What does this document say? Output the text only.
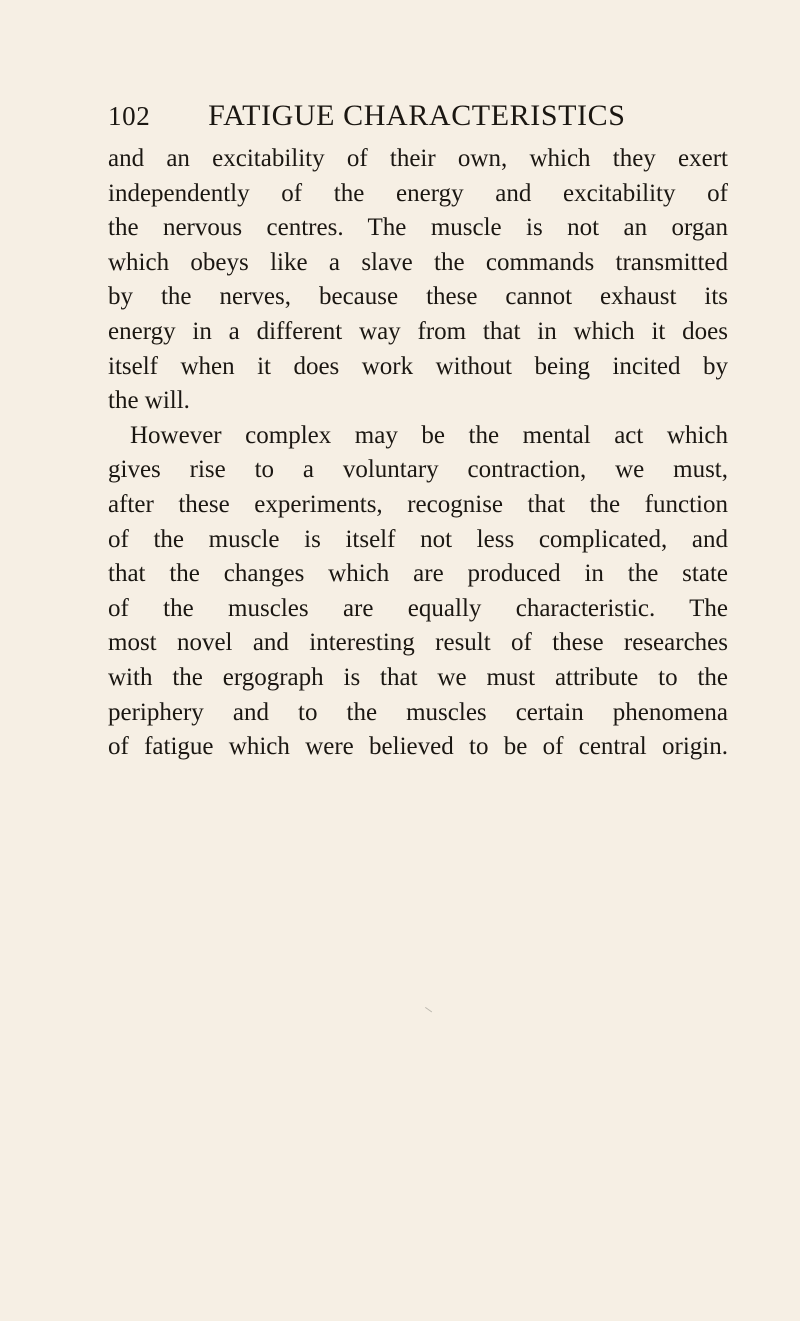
102 FATIGUE CHARACTERISTICS
and an excitability of their own, which they exert
independently of the energy and excitability of
the nervous centres. The muscle is not an organ
which obeys like a slave the commands transmitted
by the nerves, because these cannot exhaust its
energy in a different way from that in which it does
itself when it does work without being incited by
the will.
However complex may be the mental act which
gives rise to a voluntary contraction, we must,
after these experiments, recognise that the function
of the muscle is itself not less complicated, and
that the changes which are produced in the state
of the muscles are equally characteristic. The
most novel and interesting result of these researches
with the ergograph is that we must attribute to the
periphery and to the muscles certain phenomena
of fatigue which were believed to be of central origin.
